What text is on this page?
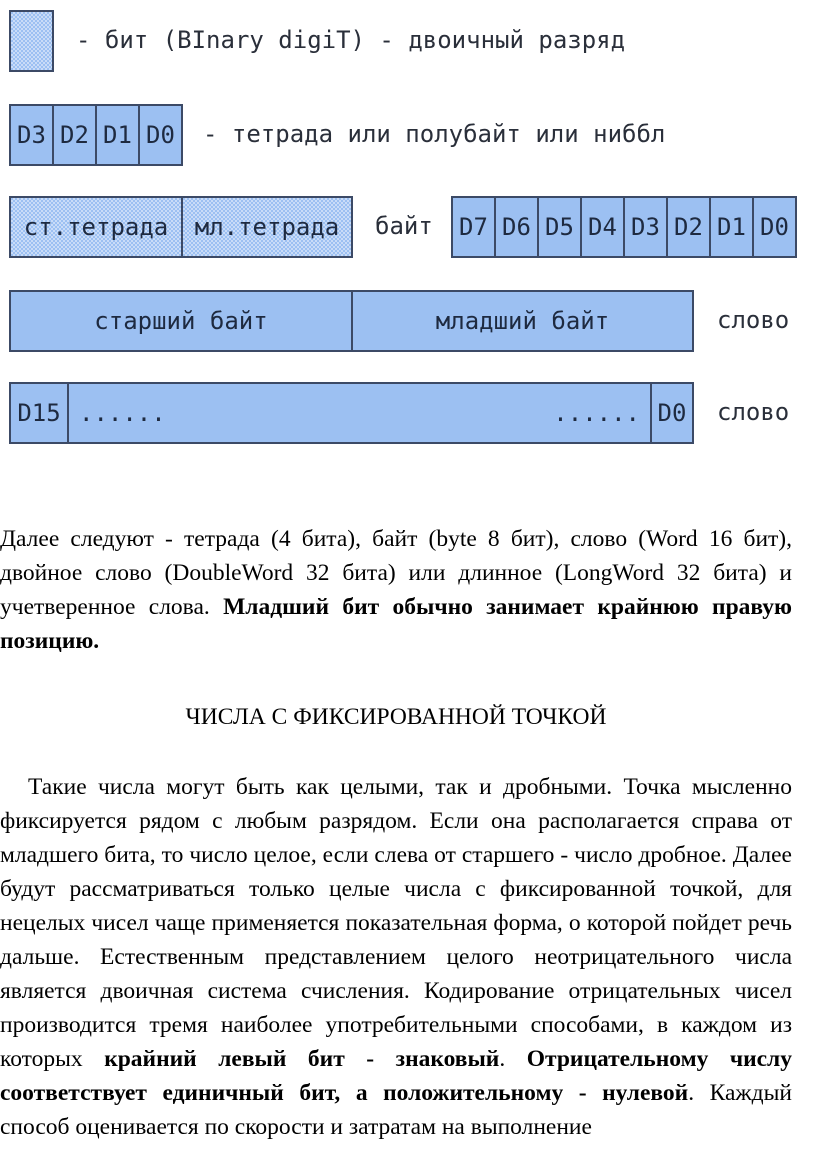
- бит (BInary digiT) - двоичный разряд
D3 D2 D1 D0	- тетрада или полубайт или ниббл
ст.тетрада	мл.тетрада	байт	D7 D6 D5 D4 D3 D2 D1 D0
старший байт	младший байт	слово
D15 ......	...... D0	слово

Далее следуют - тетрада (4 бита), байт (byte 8 бит), слово (Word 16 бит), двойное слово (DoubleWord 32 бита) или длинное (LongWord 32 бита) и учетверенное слова. Младший бит обычно занимает крайнюю правую позицию.

ЧИСЛА С ФИКСИРОВАННОЙ ТОЧКОЙ

Такие числа могут быть как целыми, так и дробными. Точка мысленно фиксируется рядом с любым разрядом. Если она располагается справа от младшего бита, то число целое, если слева от старшего - число дробное. Далее будут рассматриваться только целые числа с фиксированной точкой, для нецелых чисел чаще применяется показательная форма, о которой пойдет речь дальше. Естественным представлением целого неотрицательного числа является двоичная система счисления. Кодирование отрицательных чисел производится тремя наиболее употребительными способами, в каждом из которых крайний левый бит - знаковый. Отрицательному числу соответствует единичный бит, а положительному - нулевой. Каждый способ оценивается по скорости и затратам на выполнение
